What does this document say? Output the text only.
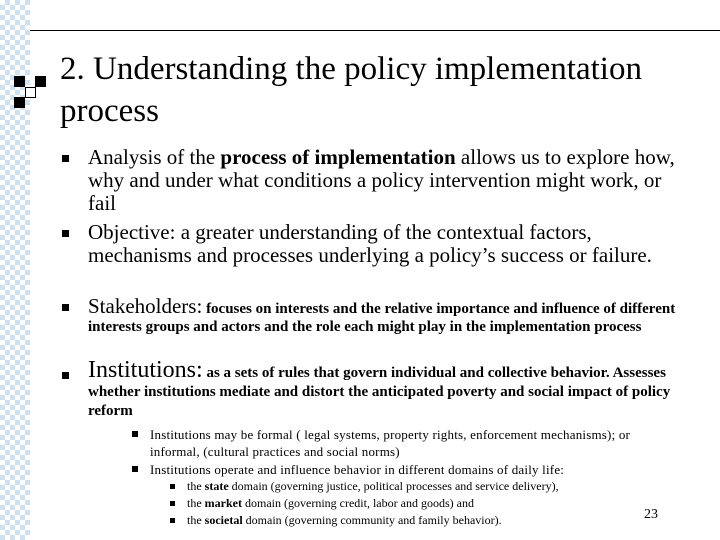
2. Understanding the policy implementation process
Analysis of the process of implementation allows us to explore how, why and under what conditions a policy intervention might work, or fail
Objective: a greater understanding of the contextual factors, mechanisms and processes underlying a policy’s success or failure.
Stakeholders: focuses on interests and the relative importance and influence of different interests groups and actors and the role each might play in the implementation process
Institutions: as a sets of rules that govern individual and collective behavior. Assesses whether institutions mediate and distort the anticipated poverty and social impact of policy reform
Institutions may be formal ( legal systems, property rights, enforcement mechanisms); or informal, (cultural practices and social norms)
Institutions operate and influence behavior in different domains of daily life:
the state domain (governing justice, political processes and service delivery),
the market domain (governing credit, labor and goods) and
the societal domain (governing community and family behavior).	23
